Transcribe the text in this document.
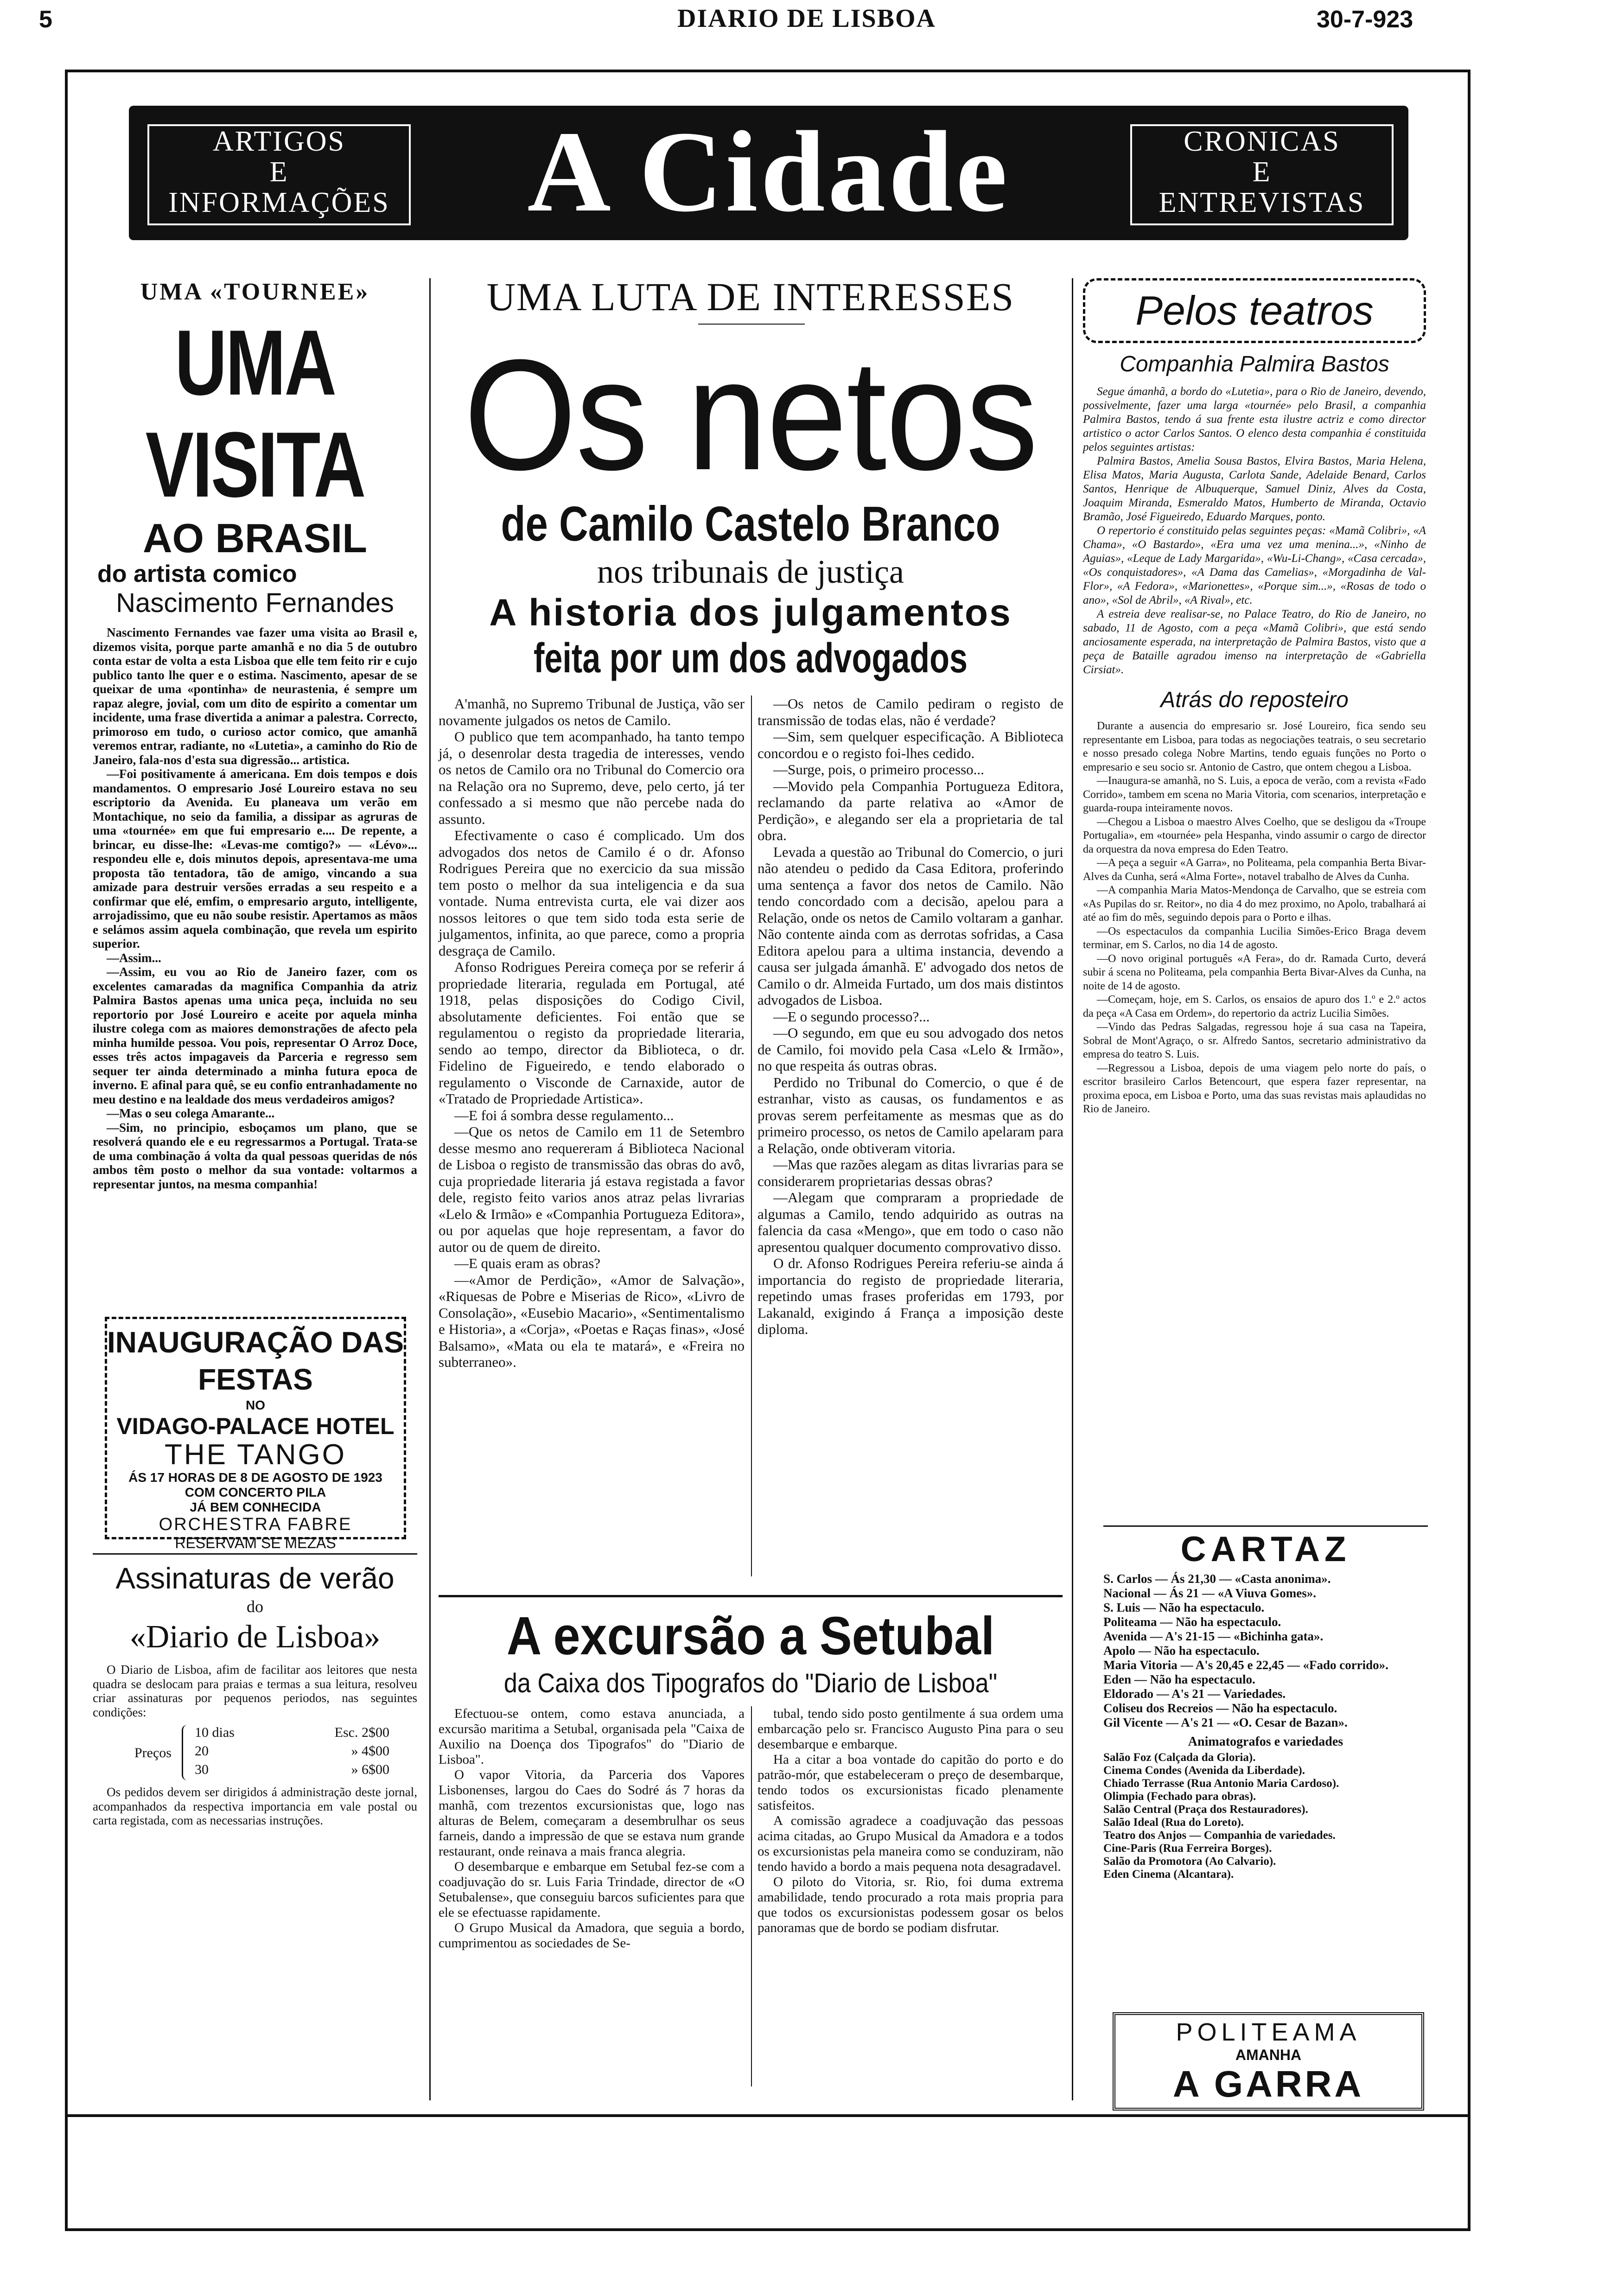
5	DIARIO DE LISBOA	30-7-923
ARTIGOS
E
INFORMAÇÕES	A Cidade	CRONICAS
E
ENTREVISTAS
UMA «TOURNEE»
UMA VISITA
AO BRASIL
do artista comico
Nascimento Fernandes

Nascimento Fernandes vae fazer uma visita ao Brasil e, dizemos visita, porque parte amanhã e no dia 5 de outubro conta estar de volta a esta Lisboa que elle tem feito rir e cujo publico tanto lhe quer e o estima. Nascimento, apesar de se queixar de uma «pontinha» de neurastenia, é sempre um rapaz alegre, jovial, com um dito de espirito a comentar um incidente, uma frase divertida a animar a palestra. Correcto, primoroso em tudo, o curioso actor comico, que amanhã veremos entrar, radiante, no «Lutetia», a caminho do Rio de Janeiro, fala-nos d'esta sua digressão... artistica.

—Foi positivamente á americana. Em dois tempos e dois mandamentos. O empresario José Loureiro estava no seu escriptorio da Avenida. Eu planeava um verão em Montachique, no seio da familia, a dissipar as agruras de uma «tournée» em que fui empresario e.... De repente, a brincar, eu disse-lhe: «Levas-me comtigo?» — «Lévo»... respondeu elle e, dois minutos depois, apresentava-me uma proposta tão tentadora, tão de amigo, vincando a sua amizade para destruir versões erradas a seu respeito e a confirmar que elé, emfim, o empresario arguto, intelligente, arrojadissimo, que eu não soube resistir. Apertamos as mãos e selámos assim aquela combinação, que revela um espirito superior.

—Assim...

—Assim, eu vou ao Rio de Janeiro fazer, com os excelentes camaradas da magnifica Companhia da atriz Palmira Bastos apenas uma unica peça, incluida no seu reportorio por José Loureiro e aceite por aquela minha ilustre colega com as maiores demonstrações de afecto pela minha humilde pessoa. Vou pois, representar O Arroz Doce, esses três actos impagaveis da Parceria e regresso sem sequer ter ainda determinado a minha futura epoca de inverno. E afinal para quê, se eu confio entranhadamente no meu destino e na lealdade dos meus verdadeiros amigos?

—Mas o seu colega Amarante...

—Sim, no principio, esboçamos um plano, que se resolverá quando ele e eu regressarmos a Portugal. Trata-se de uma combinação á volta da qual pessoas queridas de nós ambos têm posto o melhor da sua vontade: voltarmos a representar juntos, na mesma companhia!

INAUGURAÇÃO DAS FESTAS
NO
VIDAGO-PALACE HOTEL
THE TANGO
ÁS 17 HORAS DE 8 DE AGOSTO DE 1923
COM CONCERTO PILA
JÁ BEM CONHECIDA
ORCHESTRA FABRE
RESERVAM SE MEZAS
Assinaturas de verão
do
«Diario de Lisboa»

O Diario de Lisboa, afim de facilitar aos leitores que nesta quadra se deslocam para praias e termas a sua leitura, resolveu criar assinaturas por pequenos periodos, nas seguintes condições:

Preços
10 dias	Esc. 2$00
20	» 4$00
30	» 6$00

Os pedidos devem ser dirigidos á administração deste jornal, acompanhados da respectiva importancia em vale postal ou carta registada, com as necessarias instruções.

UMA LUTA DE INTERESSES
Os netos
de Camilo Castelo Branco
nos tribunais de justiça
A historia dos julgamentos
feita por um dos advogados

A'manhã, no Supremo Tribunal de Justiça, vão ser novamente julgados os netos de Camilo.

O publico que tem acompanhado, ha tanto tempo já, o desenrolar desta tragedia de interesses, vendo os netos de Camilo ora no Tribunal do Comercio ora na Relação ora no Supremo, deve, pelo certo, já ter confessado a si mesmo que não percebe nada do assunto.

Efectivamente o caso é complicado. Um dos advogados dos netos de Camilo é o dr. Afonso Rodrigues Pereira que no exercicio da sua missão tem posto o melhor da sua inteligencia e da sua vontade. Numa entrevista curta, ele vai dizer aos nossos leitores o que tem sido toda esta serie de julgamentos, infinita, ao que parece, como a propria desgraça de Camilo.

Afonso Rodrigues Pereira começa por se referir á propriedade literaria, regulada em Portugal, até 1918, pelas disposições do Codigo Civil, absolutamente deficientes. Foi então que se regulamentou o registo da propriedade literaria, sendo ao tempo, director da Biblioteca, o dr. Fidelino de Figueiredo, e tendo elaborado o regulamento o Visconde de Carnaxide, autor de «Tratado de Propriedade Artistica».

—E foi á sombra desse regulamento...

—Que os netos de Camilo em 11 de Setembro desse mesmo ano requereram á Biblioteca Nacional de Lisboa o registo de transmissão das obras do avô, cuja propriedade literaria já estava registada a favor dele, registo feito varios anos atraz pelas livrarias «Lelo & Irmão» e «Companhia Portugueza Editora», ou por aquelas que hoje representam, a favor do autor ou de quem de direito.

—E quais eram as obras?

—«Amor de Perdição», «Amor de Salvação», «Riquesas de Pobre e Miserias de Rico», «Livro de Consolação», «Eusebio Macario», «Sentimentalismo e Historia», a «Corja», «Poetas e Raças finas», «José Balsamo», «Mata ou ela te matará», e «Freira no subterraneo».

—Os netos de Camilo pediram o registo de transmissão de todas elas, não é verdade?

—Sim, sem quelquer especificação. A Biblioteca concordou e o registo foi-lhes cedido.

—Surge, pois, o primeiro processo...

—Movido pela Companhia Portugueza Editora, reclamando da parte relativa ao «Amor de Perdição», e alegando ser ela a proprietaria de tal obra.

Levada a questão ao Tribunal do Comercio, o juri não atendeu o pedido da Casa Editora, proferindo uma sentença a favor dos netos de Camilo. Não tendo concordado com a decisão, apelou para a Relação, onde os netos de Camilo voltaram a ganhar. Não contente ainda com as derrotas sofridas, a Casa Editora apelou para a ultima instancia, devendo a causa ser julgada ámanhã. E' advogado dos netos de Camilo o dr. Almeida Furtado, um dos mais distintos advogados de Lisboa.

—E o segundo processo?...

—O segundo, em que eu sou advogado dos netos de Camilo, foi movido pela Casa «Lelo & Irmão», no que respeita ás outras obras.

Perdido no Tribunal do Comercio, o que é de estranhar, visto as causas, os fundamentos e as provas serem perfeitamente as mesmas que as do primeiro processo, os netos de Camilo apelaram para a Relação, onde obtiveram vitoria.

—Mas que razões alegam as ditas livrarias para se considerarem proprietarias dessas obras?

—Alegam que compraram a propriedade de algumas a Camilo, tendo adquirido as outras na falencia da casa «Mengo», que em todo o caso não apresentou qualquer documento comprovativo disso.

O dr. Afonso Rodrigues Pereira referiu-se ainda á importancia do registo de propriedade literaria, repetindo umas frases proferidas em 1793, por Lakanald, exigindo á França a imposição deste diploma.

A excursão a Setubal
da Caixa dos Tipografos do "Diario de Lisboa"

Efectuou-se ontem, como estava anunciada, a excursão maritima a Setubal, organisada pela "Caixa de Auxilio na Doença dos Tipografos" do "Diario de Lisboa".

O vapor Vitoria, da Parceria dos Vapores Lisbonenses, largou do Caes do Sodré ás 7 horas da manhã, com trezentos excursionistas que, logo nas alturas de Belem, começaram a desembrulhar os seus farneis, dando a impressão de que se estava num grande restaurant, onde reinava a mais franca alegria.

O desembarque e embarque em Setubal fez-se com a coadjuvação do sr. Luis Faria Trindade, director de «O Setubalense», que conseguiu barcos suficientes para que ele se efectuasse rapidamente.

O Grupo Musical da Amadora, que seguia a bordo, cumprimentou as sociedades de Se-

tubal, tendo sido posto gentilmente á sua ordem uma embarcação pelo sr. Francisco Augusto Pina para o seu desembarque e embarque.

Ha a citar a boa vontade do capitão do porto e do patrão-mór, que estabeleceram o preço de desembarque, tendo todos os excursionistas ficado plenamente satisfeitos.

A comissão agradece a coadjuvação das pessoas acima citadas, ao Grupo Musical da Amadora e a todos os excursionistas pela maneira como se conduziram, não tendo havido a bordo a mais pequena nota desagradavel.

O piloto do Vitoria, sr. Rio, foi duma extrema amabilidade, tendo procurado a rota mais propria para que todos os excursionistas podessem gosar os belos panoramas que de bordo se podiam disfrutar.

Pelos teatros
Companhia Palmira Bastos

Segue ámanhã, a bordo do «Lutetia», para o Rio de Janeiro, devendo, possivelmente, fazer uma larga «tournée» pelo Brasil, a companhia Palmira Bastos, tendo á sua frente esta ilustre actriz e como director artistico o actor Carlos Santos. O elenco desta companhia é constituida pelos seguintes artistas:

Palmira Bastos, Amelia Sousa Bastos, Elvira Bastos, Maria Helena, Elisa Matos, Maria Augusta, Carlota Sande, Adelaide Benard, Carlos Santos, Henrique de Albuquerque, Samuel Diniz, Alves da Costa, Joaquim Miranda, Esmeraldo Matos, Humberto de Miranda, Octavio Bramão, José Figueiredo, Eduardo Marques, ponto.

O repertorio é constituido pelas seguintes peças: «Mamã Colibri», «A Chama», «O Bastardo», «Era uma vez uma menina...», «Ninho de Aguias», «Leque de Lady Margarida», «Wu-Li-Chang», «Casa cercada», «Os conquistadores», «A Dama das Camelias», «Morgadinha de Val-Flor», «A Fedora», «Marionettes», «Porque sim...», «Rosas de todo o ano», «Sol de Abril», «A Rival», etc.

A estreia deve realisar-se, no Palace Teatro, do Rio de Janeiro, no sabado, 11 de Agosto, com a peça «Mamã Colibri», que está sendo anciosamente esperada, na interpretação de Palmira Bastos, visto que a peça de Bataille agradou imenso na interpretação de «Gabriella Cirsiat».

Atrás do reposteiro

Durante a ausencia do empresario sr. José Loureiro, fica sendo seu representante em Lisboa, para todas as negociações teatrais, o seu secretario e nosso presado colega Nobre Martins, tendo eguais funções no Porto o empresario e seu socio sr. Antonio de Castro, que ontem chegou a Lisboa.

—Inaugura-se amanhã, no S. Luis, a epoca de verão, com a revista «Fado Corrido», tambem em scena no Maria Vitoria, com scenarios, interpretação e guarda-roupa inteiramente novos.

—Chegou a Lisboa o maestro Alves Coelho, que se desligou da «Troupe Portugalia», em «tournée» pela Hespanha, vindo assumir o cargo de director da orquestra da nova empresa do Eden Teatro.

—A peça a seguir «A Garra», no Politeama, pela companhia Berta Bivar-Alves da Cunha, será «Alma Forte», notavel trabalho de Alves da Cunha.

—A companhia Maria Matos-Mendonça de Carvalho, que se estreia com «As Pupilas do sr. Reitor», no dia 4 do mez proximo, no Apolo, trabalhará ai até ao fim do mês, seguindo depois para o Porto e ilhas.

—Os espectaculos da companhia Lucilia Simões-Erico Braga devem terminar, em S. Carlos, no dia 14 de agosto.

—O novo original português «A Fera», do dr. Ramada Curto, deverá subir á scena no Politeama, pela companhia Berta Bivar-Alves da Cunha, na noite de 14 de agosto.

—Começam, hoje, em S. Carlos, os ensaios de apuro dos 1.º e 2.º actos da peça «A Casa em Ordem», do repertorio da actriz Lucilia Simões.

—Vindo das Pedras Salgadas, regressou hoje á sua casa na Tapeira, Sobral de Mont'Agraço, o sr. Alfredo Santos, secretario administrativo da empresa do teatro S. Luis.

—Regressou a Lisboa, depois de uma viagem pelo norte do país, o escritor brasileiro Carlos Betencourt, que espera fazer representar, na proxima epoca, em Lisboa e Porto, uma das suas revistas mais aplaudidas no Rio de Janeiro.

CARTAZ
S. Carlos — Ás 21,30 — «Casta anonima».
Nacional — Ás 21 — «A Viuva Gomes».
S. Luis — Não ha espectaculo.
Politeama — Não ha espectaculo.
Avenida — A's 21-15 — «Bichinha gata».
Apolo — Não ha espectaculo.
Maria Vitoria — A's 20,45 e 22,45 — «Fado corrido».
Eden — Não ha espectaculo.
Eldorado — A's 21 — Variedades.
Coliseu dos Recreios — Não ha espectaculo.
Gil Vicente — A's 21 — «O. Cesar de Bazan».
Animatografos e variedades
Salão Foz (Calçada da Gloria).
Cinema Condes (Avenida da Liberdade).
Chiado Terrasse (Rua Antonio Maria Cardoso).
Olimpia (Fechado para obras).
Salão Central (Praça dos Restauradores).
Salão Ideal (Rua do Loreto).
Teatro dos Anjos — Companhia de variedades.
Cine-Paris (Rua Ferreira Borges).
Salão da Promotora (Ao Calvario).
Eden Cinema (Alcantara).
POLITEAMA
AMANHA
A GARRA
